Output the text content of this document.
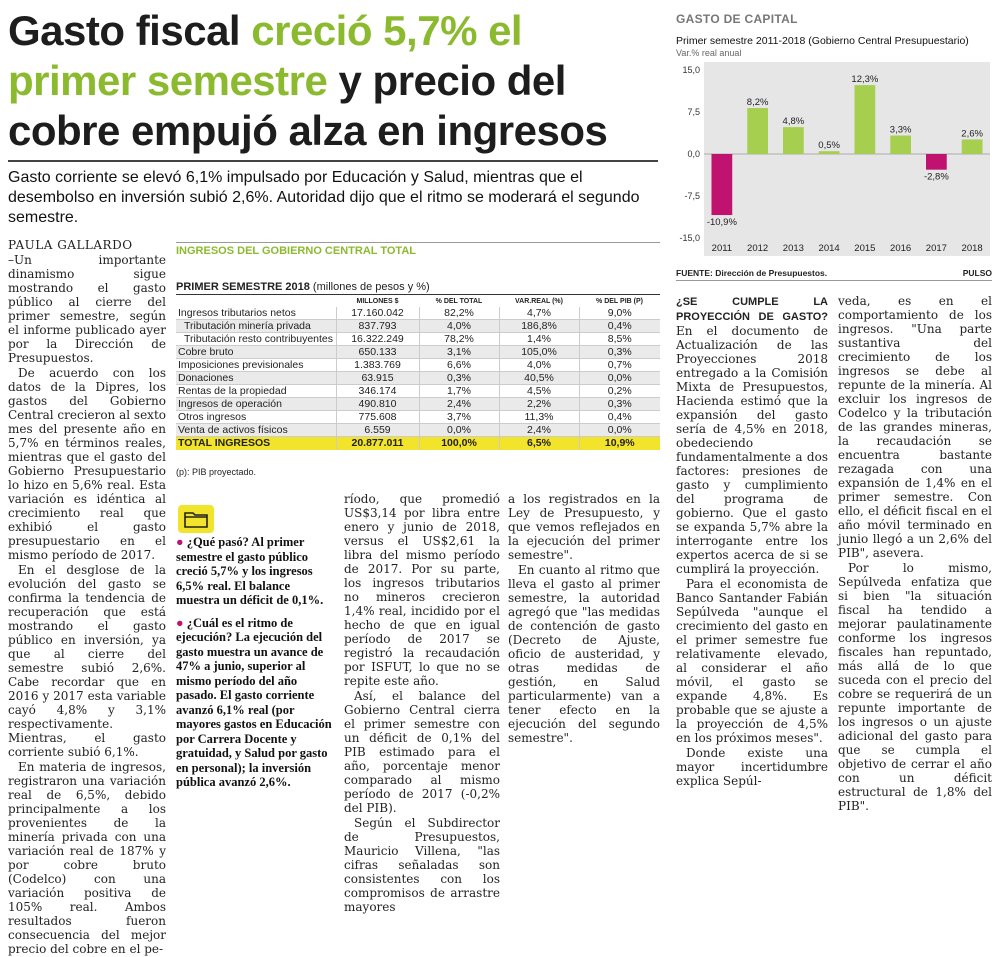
Gasto fiscal creció 5,7% el primer semestre y precio del cobre empujó alza en ingresos

Gasto corriente se elevó 6,1% impulsado por Educación y Salud, mientras que el desembolso en inversión subió 2,6%. Autoridad dijo que el ritmo se moderará el segundo semestre.

PAULA GALLARDO

–Un importante dinamismo sigue mostrando el gasto público al cierre del primer semestre, según el informe publicado ayer por la Dirección de Presupuestos.

De acuerdo con los datos de la Dipres, los gastos del Gobierno Central crecieron al sexto mes del presente año en 5,7% en términos reales, mientras que el gasto del Gobierno Presupuestario lo hizo en 5,6% real. Esta variación es idéntica al crecimiento real que exhibió el gasto presupuestario en el mismo período de 2017.

En el desglose de la evolución del gasto se confirma la tendencia de recuperación que está mostrando el gasto público en inversión, ya que al cierre del semestre subió 2,6%. Cabe recordar que en 2016 y 2017 esta variable cayó 4,8% y 3,1% respectivamente. Mientras, el gasto corriente subió 6,1%.

En materia de ingresos, registraron una variación real de 6,5%, debido principalmente a los provenientes de la minería privada con una variación real de 187% y por cobre bruto (Codelco) con una variación positiva de 105% real. Ambos resultados fueron consecuencia del mejor precio del cobre en el pe-

INGRESOS DEL GOBIERNO CENTRAL TOTAL
PRIMER SEMESTRE 2018 (millones de pesos y %)
	MILLONES $	% DEL TOTAL	VAR.REAL (%)	% DEL PIB (P)
Ingresos tributarios netos	17.160.042	82,2%	4,7%	9,0%
Tributación minería privada	837.793	4,0%	186,8%	0,4%
Tributación resto contribuyentes	16.322.249	78,2%	1,4%	8,5%
Cobre bruto	650.133	3,1%	105,0%	0,3%
Imposiciones previsionales	1.383.769	6,6%	4,0%	0,7%
Donaciones	63.915	0,3%	40,5%	0,0%
Rentas de la propiedad	346.174	1,7%	4,5%	0,2%
Ingresos de operación	490.810	2,4%	2,2%	0,3%
Otros ingresos	775.608	3,7%	11,3%	0,4%
Venta de activos físicos	6.559	0,0%	2,4%	0,0%
TOTAL INGRESOS	20.877.011	100,0%	6,5%	10,9%
(p): PIB proyectado.

● ¿Qué pasó? Al primer semestre el gasto público creció 5,7% y los ingresos 6,5% real. El balance muestra un déficit de 0,1%.

● ¿Cuál es el ritmo de ejecución? La ejecución del gasto muestra un avance de 47% a junio, superior al mismo período del año pasado. El gasto corriente avanzó 6,1% real (por mayores gastos en Educación por Carrera Docente y gratuidad, y Salud por gasto en personal); la inversión pública avanzó 2,6%.

ríodo, que promedió US$3,14 por libra entre enero y junio de 2018, versus el US$2,61 la libra del mismo período de 2017. Por su parte, los ingresos tributarios no mineros crecieron 1,4% real, incidido por el hecho de que en igual período de 2017 se registró la recaudación por ISFUT, lo que no se repite este año.

Así, el balance del Gobierno Central cierra el primer semestre con un déficit de 0,1% del PIB estimado para el año, porcentaje menor comparado al mismo período de 2017 (-0,2% del PIB).

Según el Subdirector de Presupuestos, Mauricio Villena, "las cifras señaladas son consistentes con los compromisos de arrastre mayores

a los registrados en la Ley de Presupuesto, y que vemos reflejados en la ejecución del primer semestre".

En cuanto al ritmo que lleva el gasto al primer semestre, la autoridad agregó que "las medidas de contención de gasto (Decreto de Ajuste, oficio de austeridad, y otras medidas de gestión, en Salud particularmente) van a tener efecto en la ejecución del segundo semestre".

GASTO DE CAPITAL
Primer semestre 2011-2018 (Gobierno Central Presupuestario)
Var.% real anual
15,0
7,5
0,0
-7,5
-15,0
-10,9%
2011
8,2%
2012
4,8%
2013
0,5%
2014
12,3%
2015
3,3%
2016
-2,8%
2017
2,6%
2018
FUENTE: Dirección de Presupuestos.	PULSO

¿SE CUMPLE LA PROYECCIÓN DE GASTO? En el documento de Actualización de las Proyecciones 2018 entregado a la Comisión Mixta de Presupuestos, Hacienda estimó que la expansión del gasto sería de 4,5% en 2018, obedeciendo fundamentalmente a dos factores: presiones de gasto y cumplimiento del programa de gobierno. Que el gasto se expanda 5,7% abre la interrogante entre los expertos acerca de si se cumplirá la proyección.

Para el economista de Banco Santander Fabián Sepúlveda "aunque el crecimiento del gasto en el primer semestre fue relativamente elevado, al considerar el año móvil, el gasto se expande 4,8%. Es probable que se ajuste a la proyección de 4,5% en los próximos meses".

Donde existe una mayor incertidumbre explica Sepúl-

veda, es en el comportamiento de los ingresos. "Una parte sustantiva del crecimiento de los ingresos se debe al repunte de la minería. Al excluir los ingresos de Codelco y la tributación de las grandes mineras, la recaudación se encuentra bastante rezagada con una expansión de 1,4% en el primer semestre. Con ello, el déficit fiscal en el año móvil terminado en junio llegó a un 2,6% del PIB", asevera.

Por lo mismo, Sepúlveda enfatiza que si bien "la situación fiscal ha tendido a mejorar paulatinamente conforme los ingresos fiscales han repuntado, más allá de lo que suceda con el precio del cobre se requerirá de un repunte importante de los ingresos o un ajuste adicional del gasto para que se cumpla el objetivo de cerrar el año con un déficit estructural de 1,8% del PIB".
